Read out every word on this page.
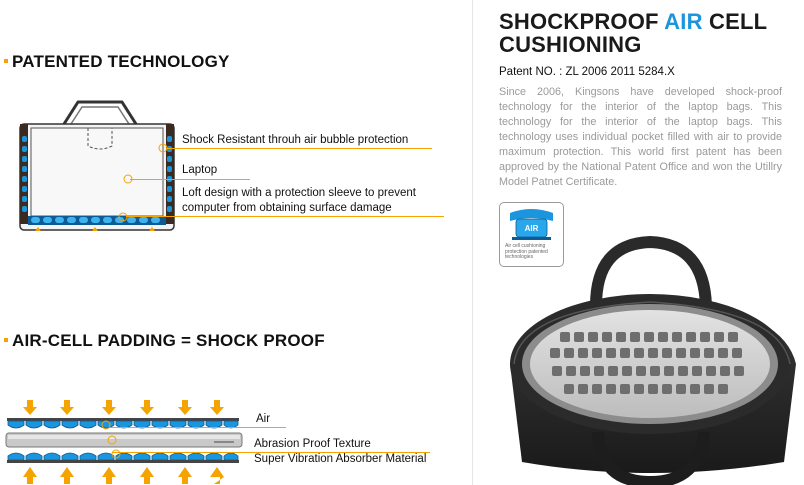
PATENTED TECHNOLOGY
Shock Resistant throuh air bubble protection
Laptop
Loft design with a protection sleeve to prevent
computer from obtaining surface damage
AIR-CELL PADDING = SHOCK PROOF
Air
Abrasion Proof Texture
Super Vibration Absorber Material
SHOCKPROOF AIR CELL
CUSHIONING
Patent NO. : ZL 2006 2011 5284.X
Since 2006, Kingsons have developed shock-proof technology for the interior of the laptop bags. This technology for the interior of the laptop bags. This technology uses individual pocket filled with air to provide maximum protection. This world first patent has been approved by the National Patent Office and won the Utillry Model Patnet Certificate.
AIR
Air cell cushioning protection patented technologies
